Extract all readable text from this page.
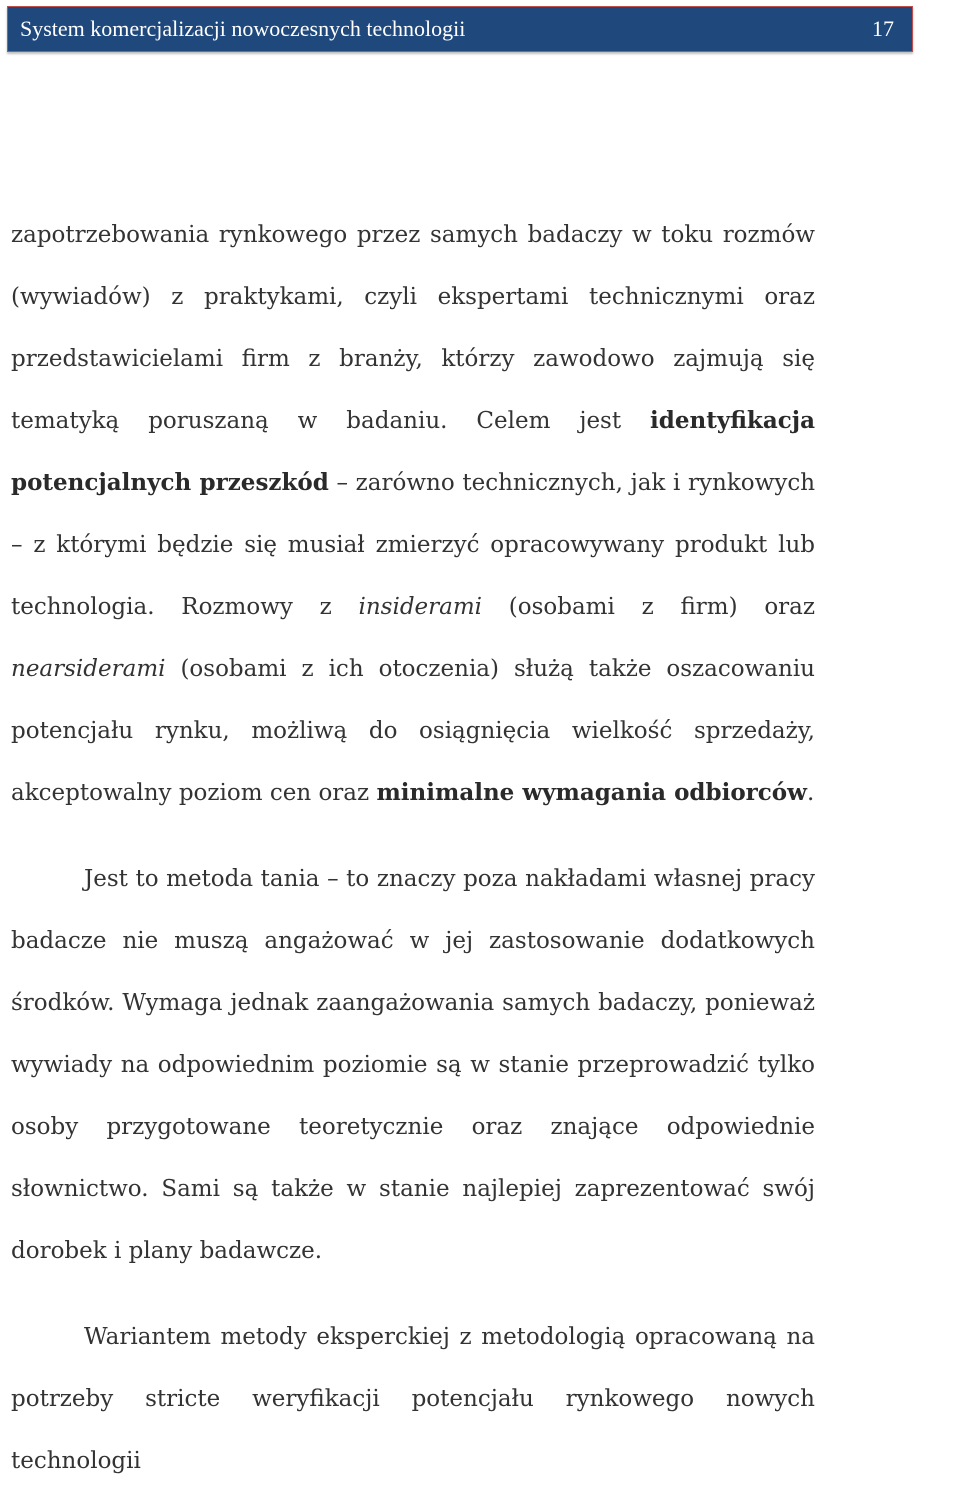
System komercjalizacji nowoczesnych technologii	17

zapotrzebowania rynkowego przez samych badaczy w toku rozmów (wywiadów) z praktykami, czyli ekspertami technicznymi oraz przedstawicielami firm z branży, którzy zawodowo zajmują się tematyką poruszaną w badaniu. Celem jest identyfikacja potencjalnych przeszkód – zarówno technicznych, jak i rynkowych – z którymi będzie się musiał zmierzyć opracowywany produkt lub technologia. Rozmowy z insiderami (osobami z firm) oraz nearsiderami (osobami z ich otoczenia) służą także oszacowaniu potencjału rynku, możliwą do osiągnięcia wielkość sprzedaży, akceptowalny poziom cen oraz minimalne wymagania odbiorców.

Jest to metoda tania – to znaczy poza nakładami własnej pracy badacze nie muszą angażować w jej zastosowanie dodatkowych środków. Wymaga jednak zaangażowania samych badaczy, ponieważ wywiady na odpowiednim poziomie są w stanie przeprowadzić tylko osoby przygotowane teoretycznie oraz znające odpowiednie słownictwo. Sami są także w stanie najlepiej zaprezentować swój dorobek i plany badawcze.

Wariantem metody eksperckiej z metodologią opracowaną na potrzeby stricte weryfikacji potencjału rynkowego nowych technologii
